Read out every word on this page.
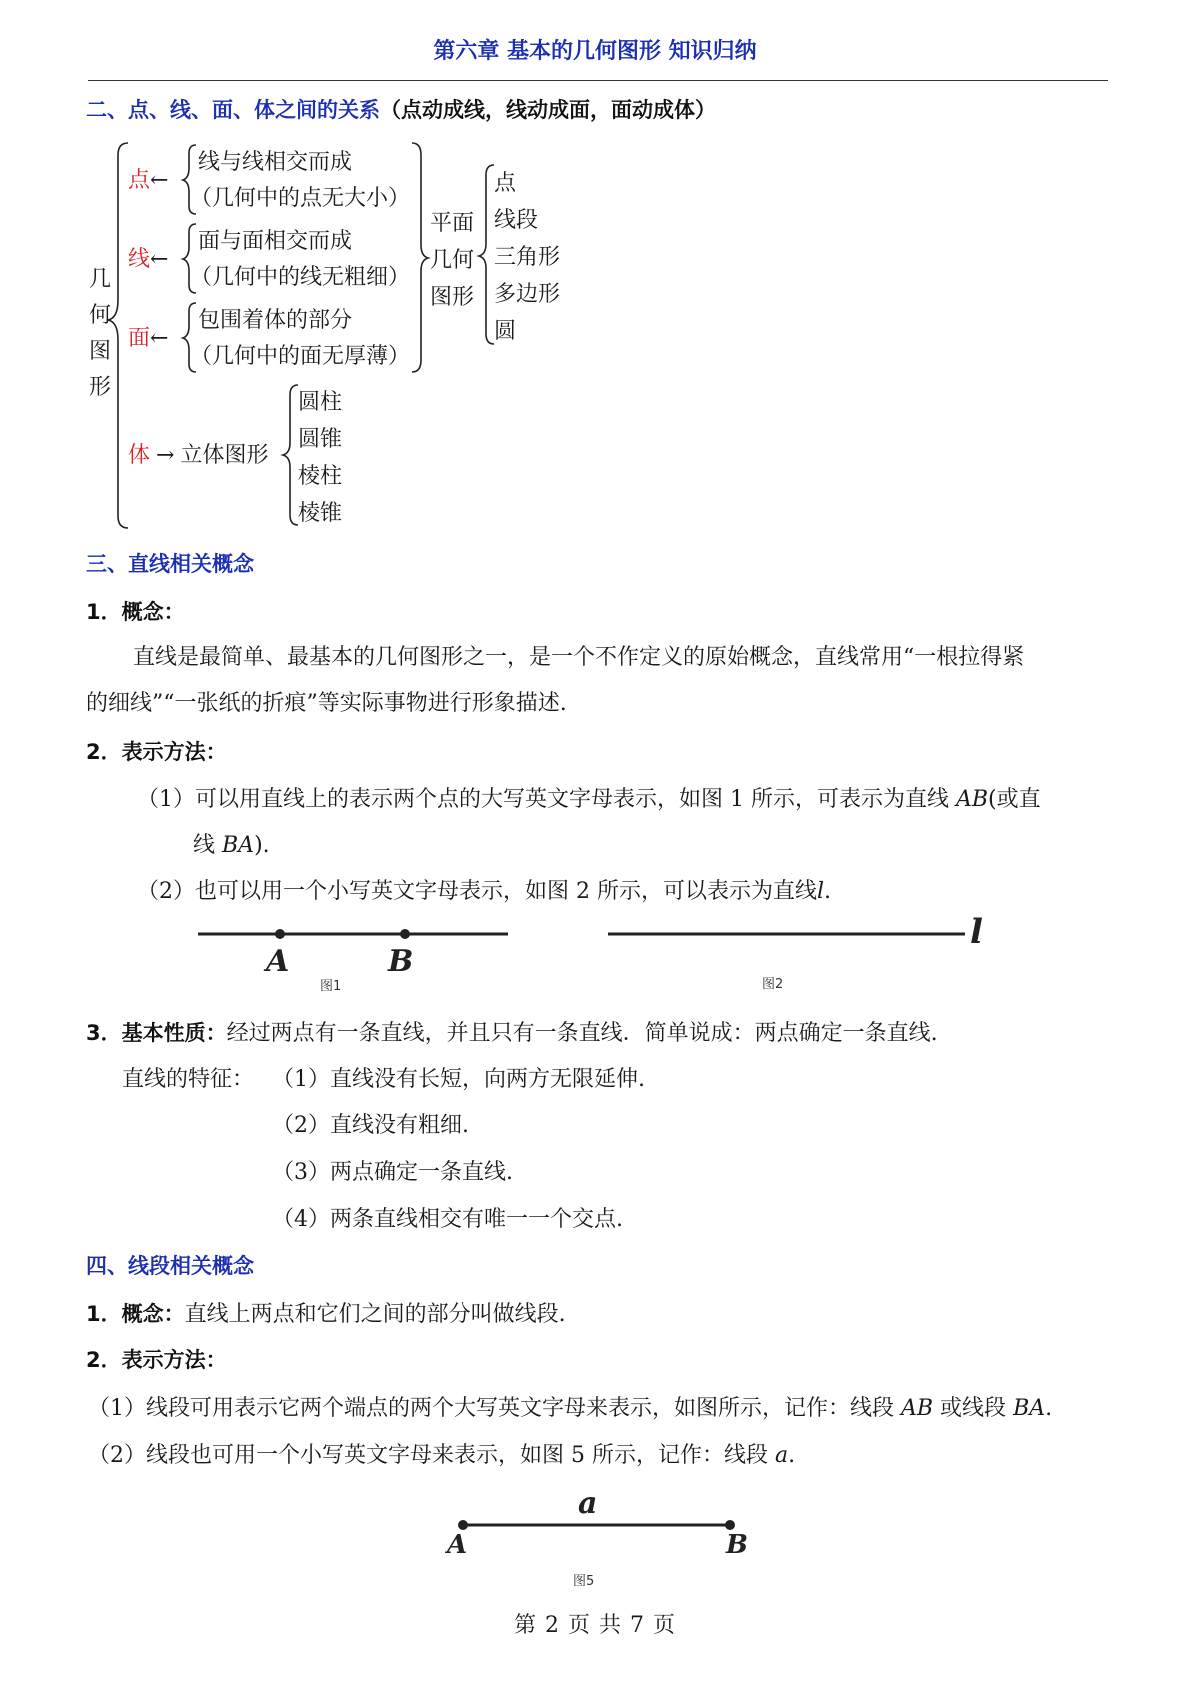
第六章 基本的几何图形 知识归纳
二、点、线、面、体之间的关系（点动成线，线动成面，面动成体）
几
何
图
形
点←
线与线相交而成
（几何中的点无大小）
线←
面与面相交而成
（几何中的线无粗细）
面←
包围着体的部分
（几何中的面无厚薄）
平面
几何
图形
点
线段
三角形
多边形
圆
体 → 立体图形
圆柱
圆锥
棱柱
棱锥
三、直线相关概念
1．概念：
直线是最简单、最基本的几何图形之一，是一个不作定义的原始概念，直线常用“一根拉得紧
的细线”“一张纸的折痕”等实际事物进行形象描述.
2．表示方法：
（1）可以用直线上的表示两个点的大写英文字母表示，如图 1 所示，可表示为直线 AB(或直
线 BA).
（2）也可以用一个小写英文字母表示，如图 2 所示，可以表示为直线l.
A	B
图1
l
图2
3．基本性质：经过两点有一条直线，并且只有一条直线．简单说成：两点确定一条直线.
直线的特征： （1）直线没有长短，向两方无限延伸.
（2）直线没有粗细.
（3）两点确定一条直线.
（4）两条直线相交有唯一一个交点.
四、线段相关概念
1．概念：直线上两点和它们之间的部分叫做线段.
2．表示方法：
（1）线段可用表示它两个端点的两个大写英文字母来表示，如图所示，记作：线段 AB 或线段 BA.
（2）线段也可用一个小写英文字母来表示，如图 5 所示，记作：线段 a.
a
A	B
图5
第 2 页 共 7 页
